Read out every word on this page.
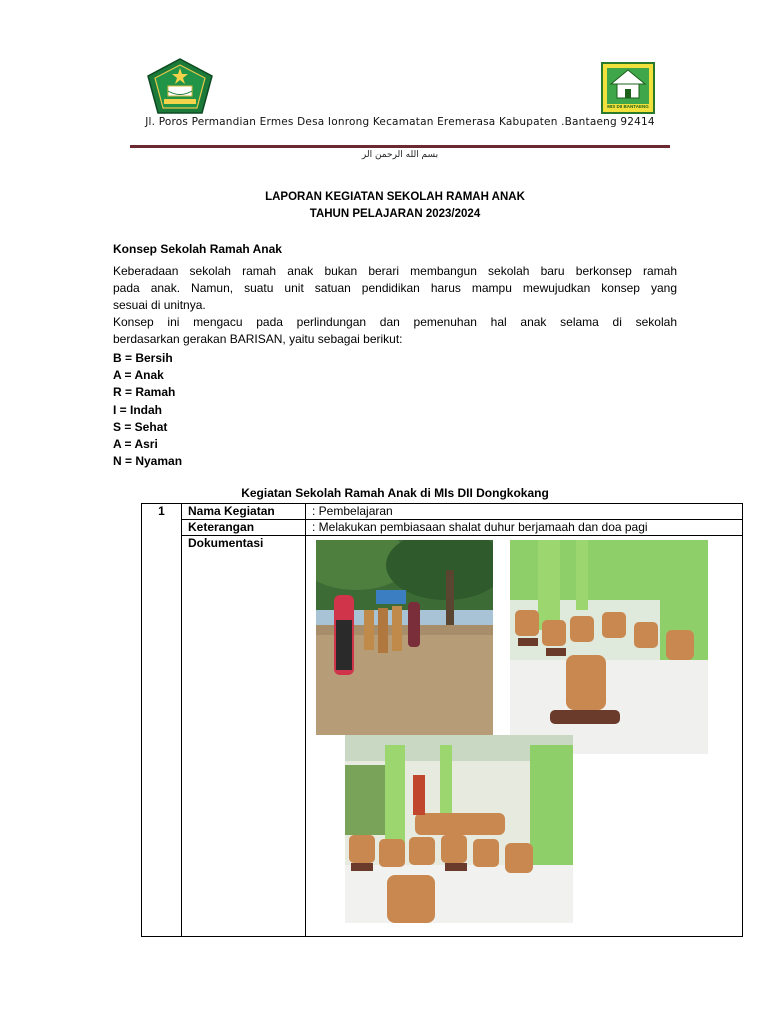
MIS DII BANTAENG
Jl. Poros Permandian Ermes Desa Ionrong Kecamatan Eremerasa Kabupaten .Bantaeng 92414
بسم الله الرحمن الر
LAPORAN KEGIATAN SEKOLAH RAMAH ANAK
TAHUN PELAJARAN 2023/2024
Konsep Sekolah Ramah Anak
Keberadaan sekolah ramah anak bukan berari membangun sekolah baru berkonsep ramah
pada anak. Namun, suatu unit satuan pendidikan harus mampu mewujudkan konsep yang
sesuai di unitnya.
Konsep ini mengacu pada perlindungan dan pemenuhan hal anak selama di sekolah
berdasarkan gerakan BARISAN, yaitu sebagai berikut:
B = Bersih
A = Anak
R = Ramah
I = Indah
S = Sehat
A = Asri
N = Nyaman
Kegiatan Sekolah Ramah Anak di MIs DII Dongkokang
1	Nama Kegiatan	: Pembelajaran
	Keterangan	: Melakukan pembiasaan shalat duhur berjamaah dan doa pagi
	Dokumentasi	
